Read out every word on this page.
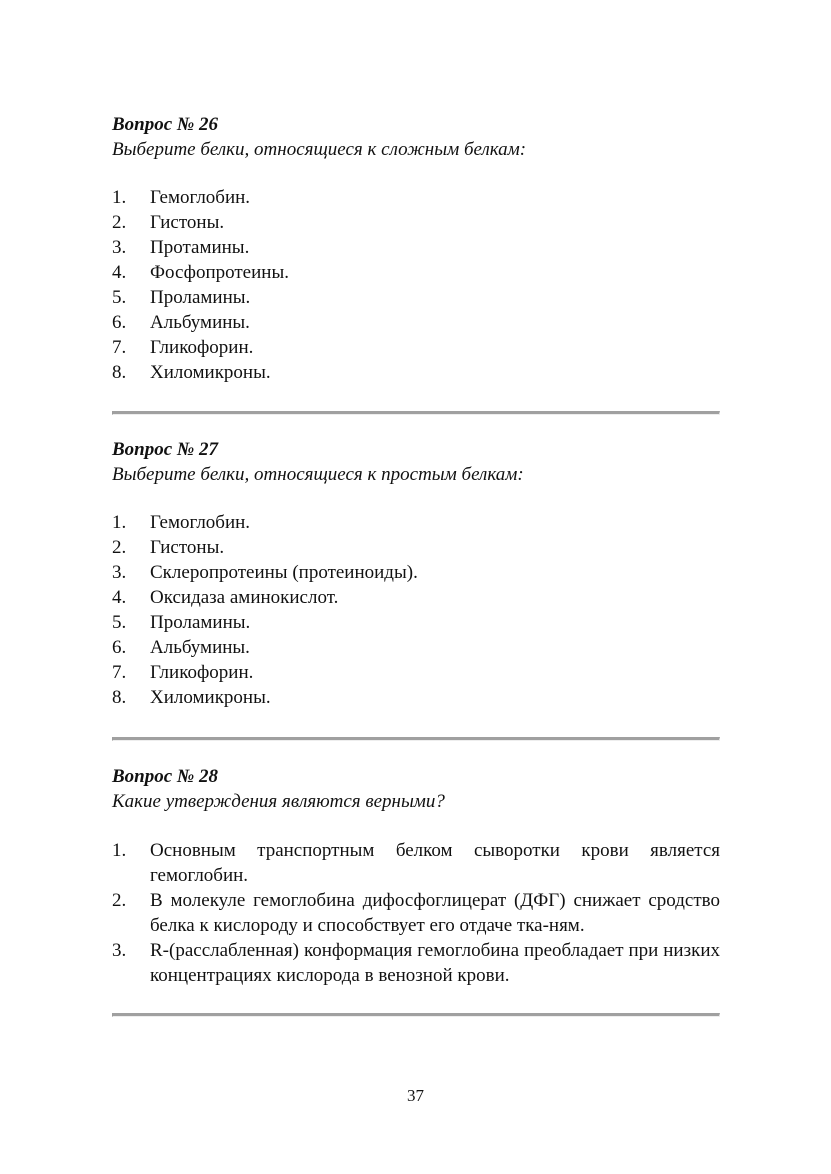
Вопрос № 26
Выберите белки, относящиеся к сложным белкам:
1.	Гемоглобин.
2.	Гистоны.
3.	Протамины.
4.	Фосфопротеины.
5.	Проламины.
6.	Альбумины.
7.	Гликофорин.
8.	Хиломикроны.
Вопрос № 27
Выберите белки, относящиеся к простым белкам:
1.	Гемоглобин.
2.	Гистоны.
3.	Склеропротеины (протеиноиды).
4.	Оксидаза аминокислот.
5.	Проламины.
6.	Альбумины.
7.	Гликофорин.
8.	Хиломикроны.
Вопрос № 28
Какие утверждения являются верными?
1.	Основным транспортным белком сыворотки крови является гемоглобин.
2.	В молекуле гемоглобина дифосфоглицерат (ДФГ) снижает сродство белка к кислороду и способствует его отдаче тка-ням.
3.	R-(расслабленная) конформация гемоглобина преобладает при низких концентрациях кислорода в венозной крови.
37
